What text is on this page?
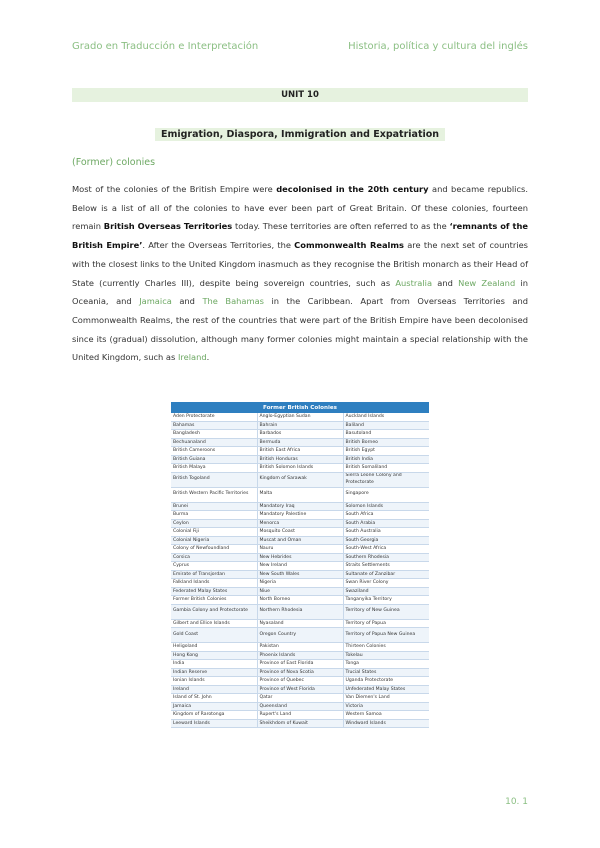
Grado en Traducción e Interpretación	Historia, política y cultura del inglés
UNIT 10
Emigration, Diaspora, Immigration and Expatriation
(Former) colonies
Most of the colonies of the British Empire were decolonised in the 20th century and became republics. Below is a list of all of the colonies to have ever been part of Great Britain. Of these colonies, fourteen remain British Overseas Territories today. These territories are often referred to as the ‘remnants of the British Empire’. After the Overseas Territories, the Commonwealth Realms are the next set of countries with the closest links to the United Kingdom inasmuch as they recognise the British monarch as their Head of State (currently Charles III), despite being sovereign countries, such as Australia and New Zealand in Oceania, and Jamaica and The Bahamas in the Caribbean. Apart from Overseas Territories and Commonwealth Realms, the rest of the countries that were part of the British Empire have been decolonised since its (gradual) dissolution, although many former colonies might maintain a special relationship with the United Kingdom, such as Ireland.
Former British Colonies		
Aden Protectorate	Anglo-Egyptian Sudan	Auckland Islands
Bahamas	Bahrain	Baliland
Bangladesh	Barbados	Basutoland
Bechuanaland	Bermuda	British Borneo
British Cameroons	British East Africa	British Egypt
British Guiana	British Honduras	British India
British Malaya	British Solomon Islands	British Somaliland
British Togoland	Kingdom of Sarawak	Sierra Leone Colony and Protectorate
British Western Pacific Territories	Malta	Singapore
Brunei	Mandatory Iraq	Solomon Islands
Burma	Mandatory Palestine	South Africa
Ceylon	Menorca	South Arabia
Colonial Fiji	Mosquito Coast	South Australia
Colonial Nigeria	Muscat and Oman	South Georgia
Colony of Newfoundland	Nauru	South-West Africa
Corsica	New Hebrides	Southern Rhodesia
Cyprus	New Ireland	Straits Settlements
Emirate of Transjordan	New South Wales	Sultanate of Zanzibar
Falkland Islands	Nigeria	Swan River Colony
Federated Malay States	Niue	Swaziland
Former British Colonies	North Borneo	Tanganyika Territory
Gambia Colony and Protectorate	Northern Rhodesia	Territory of New Guinea
Gilbert and Ellice Islands	Nyasaland	Territory of Papua
Gold Coast	Oregon Country	Territory of Papua New Guinea
Heligoland	Pakistan	Thirteen Colonies
Hong Kong	Phoenix Islands	Tokelau
India	Province of East Florida	Tonga
Indian Reserve	Province of Nova Scotia	Trucial States
Ionian Islands	Province of Quebec	Uganda Protectorate
Ireland	Province of West Florida	Unfederated Malay States
Island of St. John	Qatar	Van Diemen's Land
Jamaica	Queensland	Victoria
Kingdom of Rarotonga	Rupert's Land	Western Samoa
Leeward Islands	Sheikhdom of Kuwait	Windward Islands
10. 1
